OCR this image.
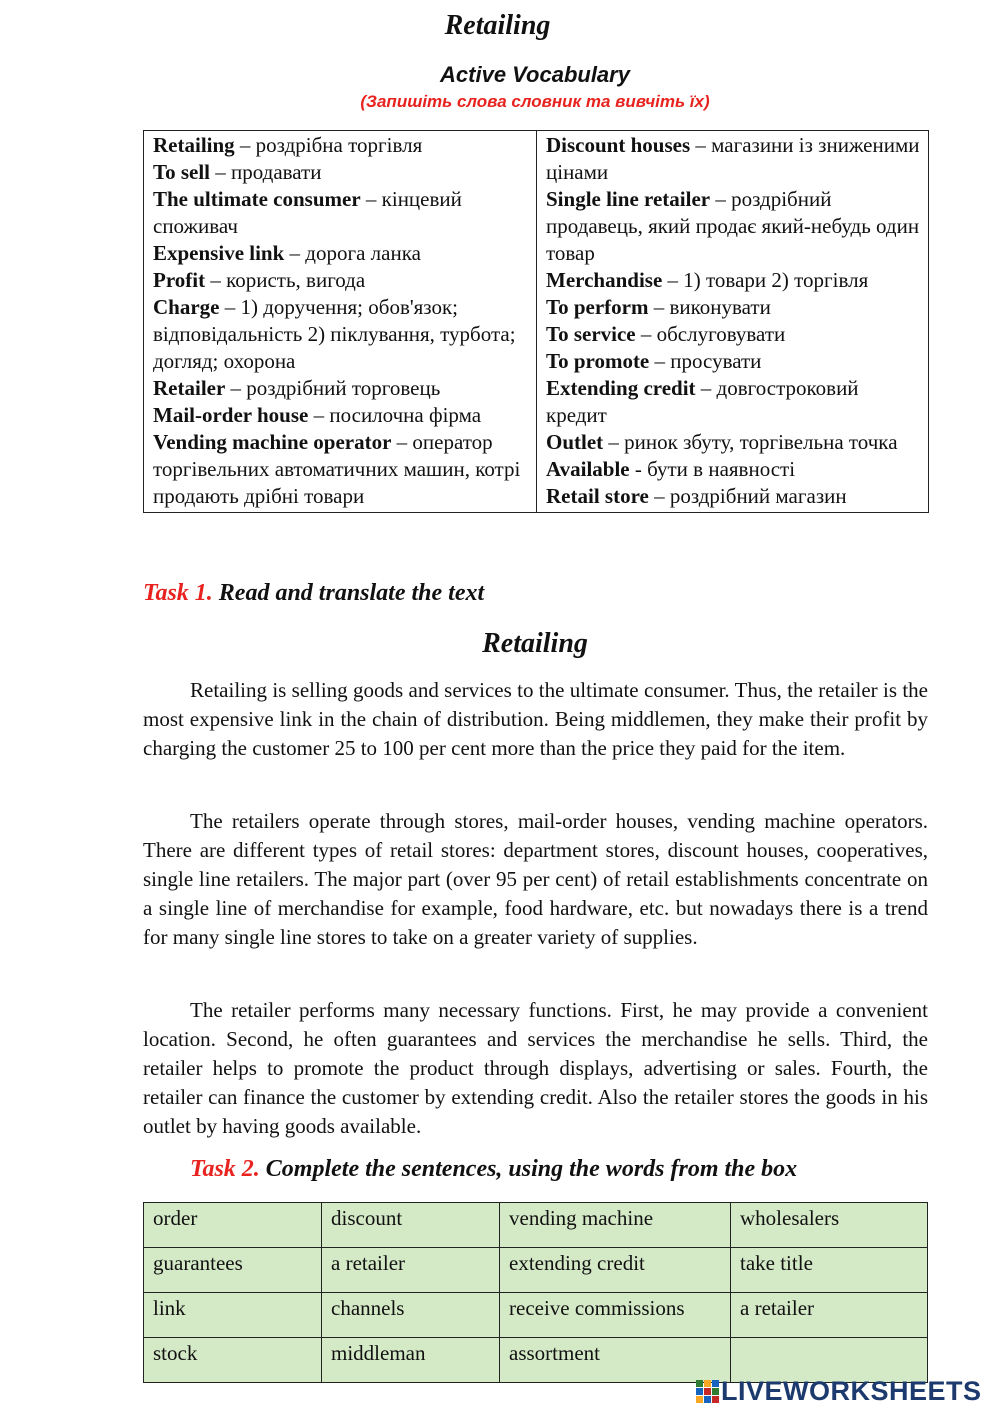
Retailing
Active Vocabulary
(Запишіть слова словник та вивчіть їх)
Retailing – роздрібна торгівля
To sell – продавати
The ultimate consumer – кінцевий споживач
Expensive link – дорога ланка
Profit – користь, вигода
Charge – 1) доручення; обов'язок; відповідальність 2) піклування, турбота; догляд; охорона
Retailer – роздрібний торговець
Mail-order house – посилочна фірма
Vending machine operator – оператор торгівельних автоматичних машин, котрі продають дрібні товари

Discount houses – магазини із зниженими цінами
Single line retailer – роздрібний продавець, який продає який-небудь один товар
Merchandise – 1) товари 2) торгівля
To perform – виконувати
To service – обслуговувати
To promote – просувати
Extending credit – довгостроковий кредит
Outlet – ринок збуту, торгівельна точка
Available - бути в наявності
Retail store – роздрібний магазин
Task 1. Read and translate the text
Retailing

Retailing is selling goods and services to the ultimate consumer. Thus, the retailer is the most expensive link in the chain of distribution. Being middlemen, they make their profit by charging the customer 25 to 100 per cent more than the price they paid for the item.

The retailers operate through stores, mail-order houses, vending machine operators. There are different types of retail stores: department stores, discount houses, cooperatives, single line retailers. The major part (over 95 per cent) of retail establishments concentrate on a single line of merchandise for example, food hardware, etc. but nowadays there is a trend for many single line stores to take on a greater variety of supplies.

The retailer performs many necessary functions. First, he may provide a convenient location. Second, he often guarantees and services the merchandise he sells. Third, the retailer helps to promote the product through displays, advertising or sales. Fourth, the retailer can finance the customer by extending credit. Also the retailer stores the goods in his outlet by having goods available.

Task 2. Complete the sentences, using the words from the box
order	discount	vending machine	wholesalers
guarantees	a retailer	extending credit	take title
link	channels	receive commissions	a retailer
stock	middleman	assortment	
LIVEWORKSHEETS
